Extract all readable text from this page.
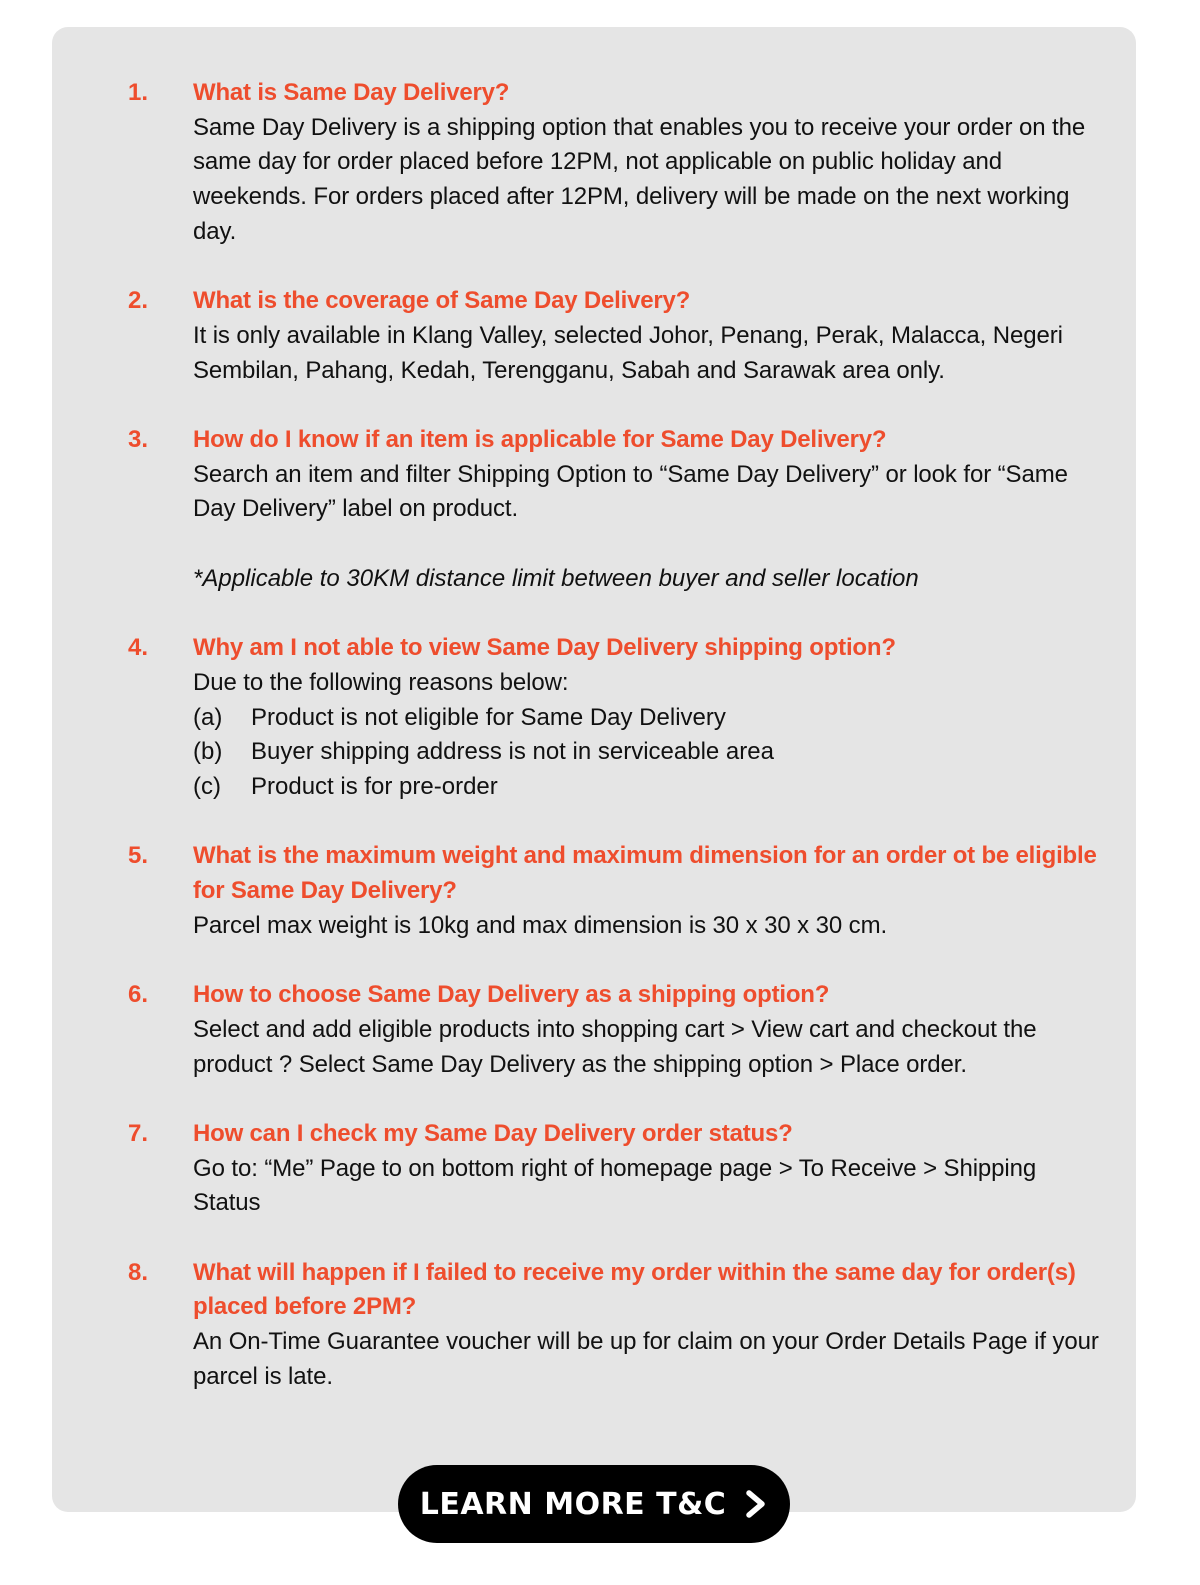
1. What is Same Day Delivery?
Same Day Delivery is a shipping option that enables you to receive your order on the same day for order placed before 12PM, not applicable on public holiday and weekends. For orders placed after 12PM, delivery will be made on the next working day.
2. What is the coverage of Same Day Delivery?
It is only available in Klang Valley, selected Johor, Penang, Perak, Malacca, Negeri Sembilan, Pahang, Kedah, Terengganu, Sabah and Sarawak area only.
3. How do I know if an item is applicable for Same Day Delivery?
Search an item and filter Shipping Option to “Same Day Delivery” or look for “Same Day Delivery” label on product.
*Applicable to 30KM distance limit between buyer and seller location
4. Why am I not able to view Same Day Delivery shipping option?
Due to the following reasons below:
(a)	Product is not eligible for Same Day Delivery
(b)	Buyer shipping address is not in serviceable area
(c)	Product is for pre-order
5. What is the maximum weight and maximum dimension for an order ot be eligible for Same Day Delivery?
Parcel max weight is 10kg and max dimension is 30 x 30 x 30 cm.
6. How to choose Same Day Delivery as a shipping option?
Select and add eligible products into shopping cart > View cart and checkout the product ? Select Same Day Delivery as the shipping option > Place order.
7. How can I check my Same Day Delivery order status?
Go to: “Me” Page to on bottom right of homepage page > To Receive > Shipping Status
8. What will happen if I failed to receive my order within the same day for order(s) placed before 2PM?
An On-Time Guarantee voucher will be up for claim on your Order Details Page if your parcel is late.
LEARN MORE T&C
